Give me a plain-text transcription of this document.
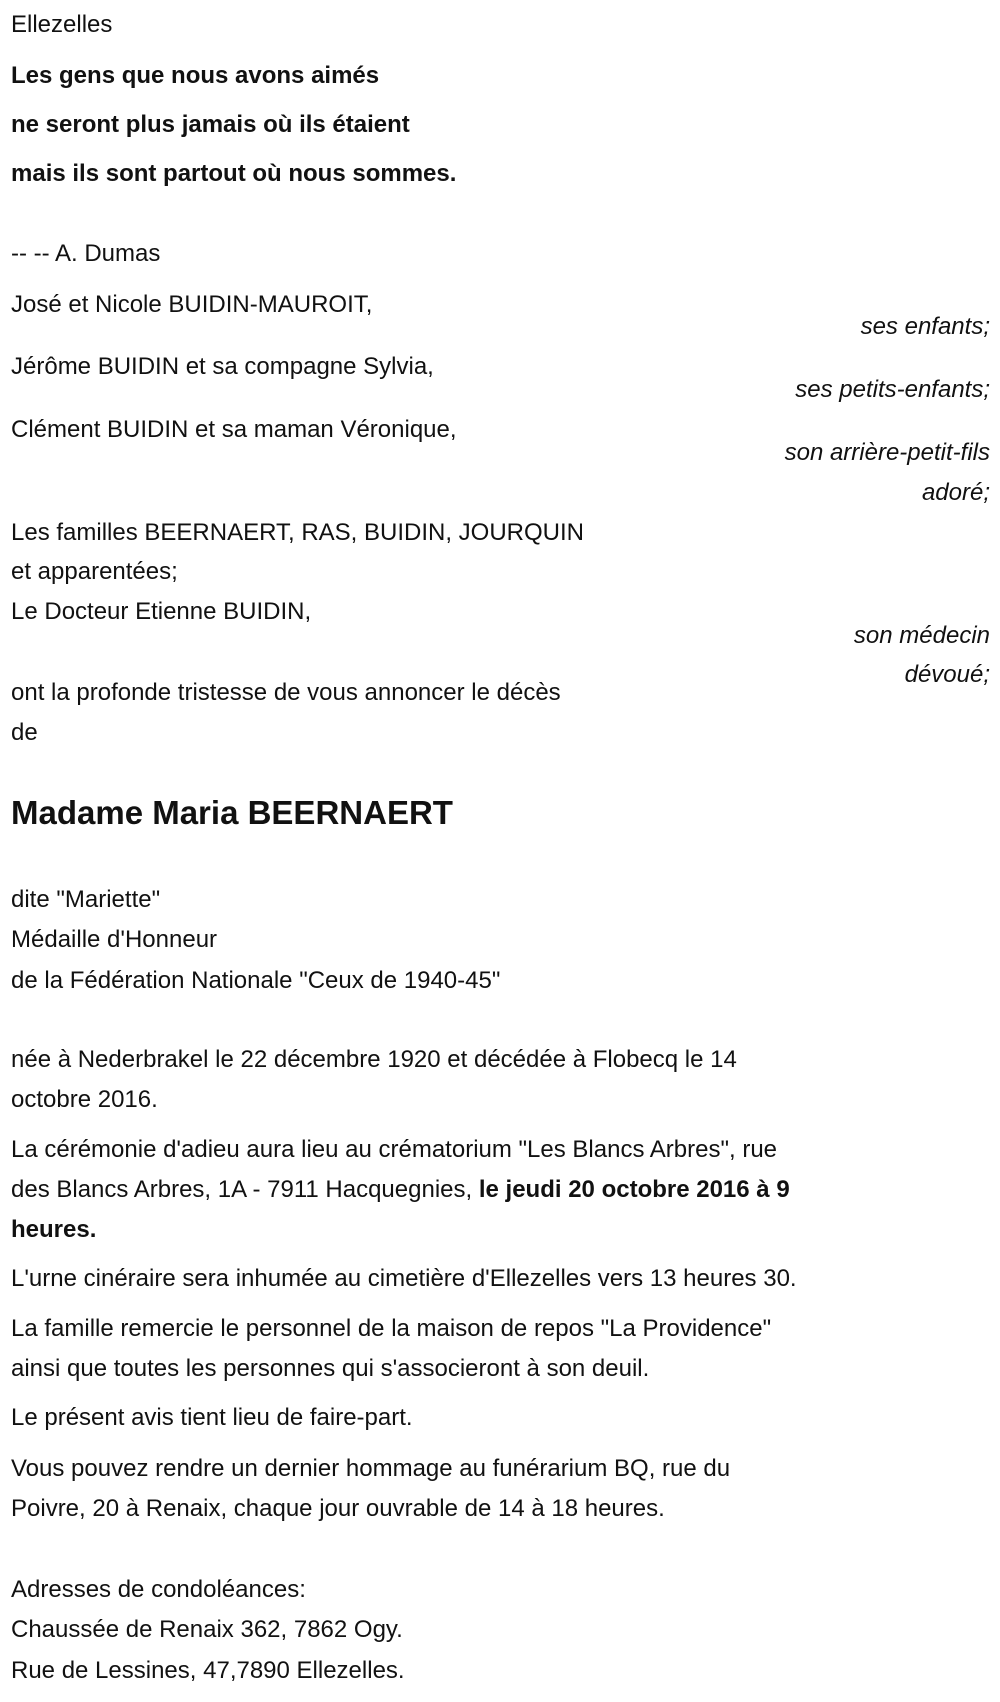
Ellezelles
Les gens que nous avons aimés
ne seront plus jamais où ils étaient
mais ils sont partout où nous sommes.
-- -- A. Dumas
José et Nicole BUIDIN-MAUROIT,
ses enfants;
Jérôme BUIDIN et sa compagne Sylvia,
ses petits-enfants;
Clément BUIDIN et sa maman Véronique,
son arrière-petit-fils
adoré;
Les familles BEERNAERT, RAS, BUIDIN, JOURQUIN
et apparentées;
Le Docteur Etienne BUIDIN,
son médecin
dévoué;
ont la profonde tristesse de vous annoncer le décès
de
Madame Maria BEERNAERT
dite "Mariette"
Médaille d'Honneur
de la Fédération Nationale "Ceux de 1940-45"
née à Nederbrakel le 22 décembre 1920 et décédée à Flobecq le 14
octobre 2016.
La cérémonie d'adieu aura lieu au crématorium "Les Blancs Arbres", rue
des Blancs Arbres, 1A - 7911 Hacquegnies, le jeudi 20 octobre 2016 à 9
heures.
L'urne cinéraire sera inhumée au cimetière d'Ellezelles vers 13 heures 30.
La famille remercie le personnel de la maison de repos "La Providence"
ainsi que toutes les personnes qui s'associeront à son deuil.
Le présent avis tient lieu de faire-part.
Vous pouvez rendre un dernier hommage au funérarium BQ, rue du
Poivre, 20 à Renaix, chaque jour ouvrable de 14 à 18 heures.
Adresses de condoléances:
Chaussée de Renaix 362, 7862 Ogy.
Rue de Lessines, 47,7890 Ellezelles.
